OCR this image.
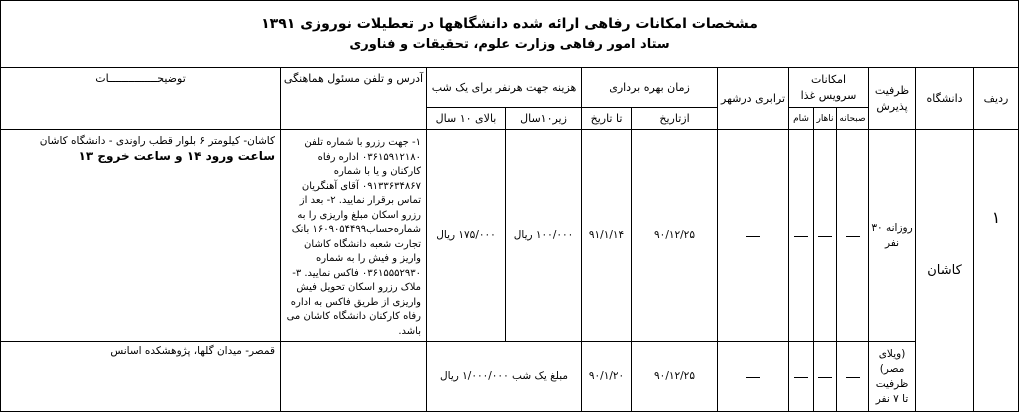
مشخصات امکانات رفاهی ارائه شده دانشگاهها در تعطیلات نوروزی ۱۳۹۱
ستاد امور رفاهی وزارت علوم، تحقیقات و فناوری												

ردیف	دانشگاه	ظرفیت پذیرش	امکانات سرویس غذا			ترابری درشهر	زمان بهره برداری		هزینه جهت هرنفر برای یک شب		آدرس و تلفن مسئول هماهنگی	توضیحـــــــــــــــات
			صبحانه	ناهار	شام		ازتاریخ	تا تاریخ	زیر۱۰سال	بالای ۱۰ سال		
۱	کاشان	روزانه ۳۰ نفر					۹۰/۱۲/۲۵	۹۱/۱/۱۴	۱۰۰/۰۰۰ ریال	۱۷۵/۰۰۰ ریال	۱- جهت رزرو با شماره تلفن ۰۳۶۱۵۹۱۲۱۸۰ اداره رفاه کارکنان و یا با شماره ۰۹۱۳۳۶۳۴۸۶۷ آقای آهنگریان تماس برقرار نمایید. ۲- بعد از رزرو اسکان مبلغ واریزی را به شماره‌حساب۱۶۰۹۰۵۴۴۹۹ بانک تجارت شعبه دانشگاه کاشان واریز و فیش را به شماره ۰۳۶۱۵۵۵۲۹۳۰ فاکس نمایید. ۳- ملاک رزرو اسکان تحویل فیش واریزی از طریق فاکس به اداره رفاه کارکنان دانشگاه کاشان می باشد.	کاشان- کیلومتر ۶ بلوار قطب راوندی - دانشگاه کاشان
ساعت ورود ۱۴ و ساعت خروج ۱۳

		(ویلای مصر) ظرفیت تا ۷ نفر					۹۰/۱۲/۲۵	۹۰/۱/۲۰	مبلغ یک شب ۱/۰۰۰/۰۰۰ ریال			قمصر- میدان گلها، پژوهشکده اسانس
